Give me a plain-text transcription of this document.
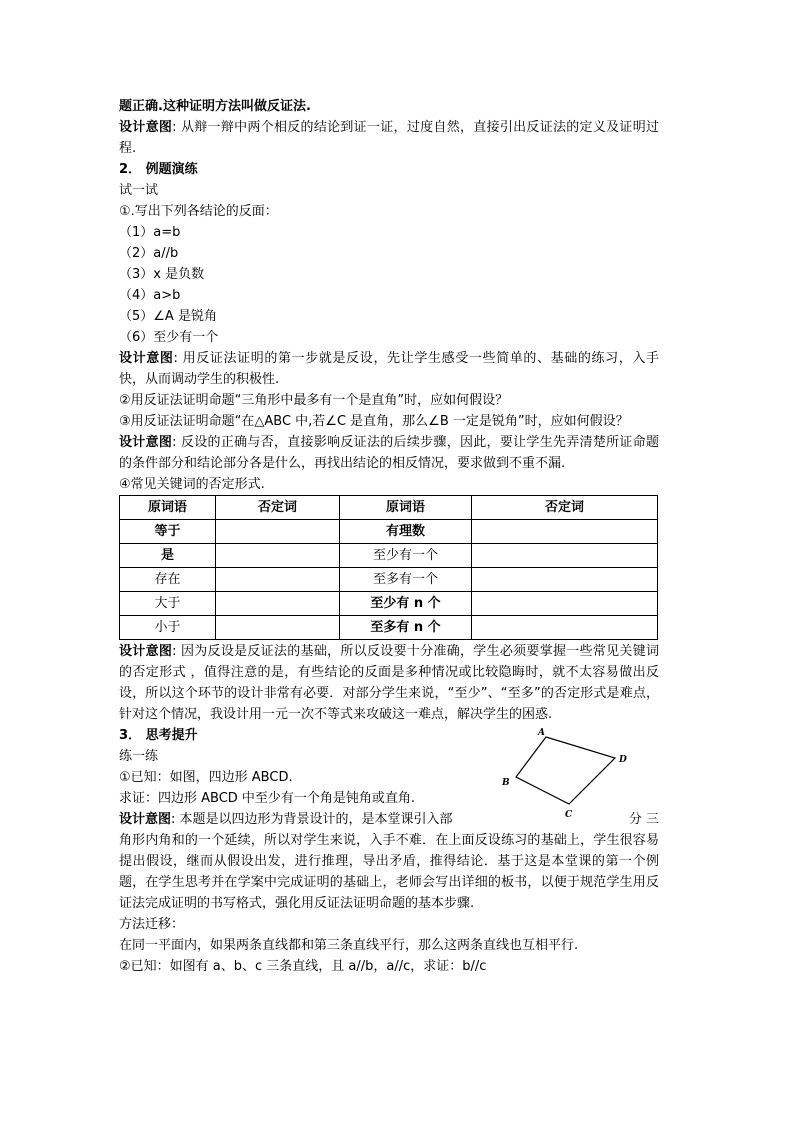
题正确.这种证明方法叫做反证法.
设计意图: 从辩一辩中两个相反的结论到证一证，过度自然，直接引出反证法的定义及证明过程.
2． 例题演练
试一试
①.写出下列各结论的反面：
（1）a=b
（2）a//b
（3）x 是负数
（4）a>b
（5）∠A 是锐角
（6）至少有一个
设计意图: 用反证法证明的第一步就是反设，先让学生感受一些简单的、基础的练习，入手快，从而调动学生的积极性.
②用反证法证明命题“三角形中最多有一个是直角”时，应如何假设？
③用反证法证明命题“在△ABC 中,若∠C 是直角，那么∠B 一定是锐角”时，应如何假设？
设计意图: 反设的正确与否，直接影响反证法的后续步骤，因此，要让学生先弄清楚所证命题的条件部分和结论部分各是什么，再找出结论的相反情况，要求做到不重不漏.
④常见关键词的否定形式.
原词语	否定词	原词语	否定词
等于		有理数	
是		至少有一个	
存在		至多有一个	
大于		至少有 n 个	
小于		至多有 n 个	
设计意图: 因为反设是反证法的基础，所以反设要十分准确，学生必须要掌握一些常见关键词的否定形式 ，值得注意的是，有些结论的反面是多种情况或比较隐晦时，就不太容易做出反设，所以这个环节的设计非常有必要．对部分学生来说，“至少”、“至多”的否定形式是难点，针对这个情况，我设计用一元一次不等式来攻破这一难点，解决学生的困惑.
3． 思考提升
练一练
①已知：如图，四边形 ABCD.
求证：四边形 ABCD 中至少有一个角是钝角或直角.
设计意图: 本题是以四边形为背景设计的，是本堂课引入部	分 三
角形内角和的一个延续，所以对学生来说，入手不难．在上面反设练习的基础上，学生很容易提出假设，继而从假设出发，进行推理，导出矛盾，推得结论．基于这是本堂课的第一个例题，在学生思考并在学案中完成证明的基础上，老师会写出详细的板书，以便于规范学生用反证法完成证明的书写格式，强化用反证法证明命题的基本步骤.
方法迁移：
在同一平面内，如果两条直线都和第三条直线平行，那么这两条直线也互相平行.
②已知：如图有 a、b、c 三条直线，且 a//b，a//c，求证：b//c
A
B
C
D
